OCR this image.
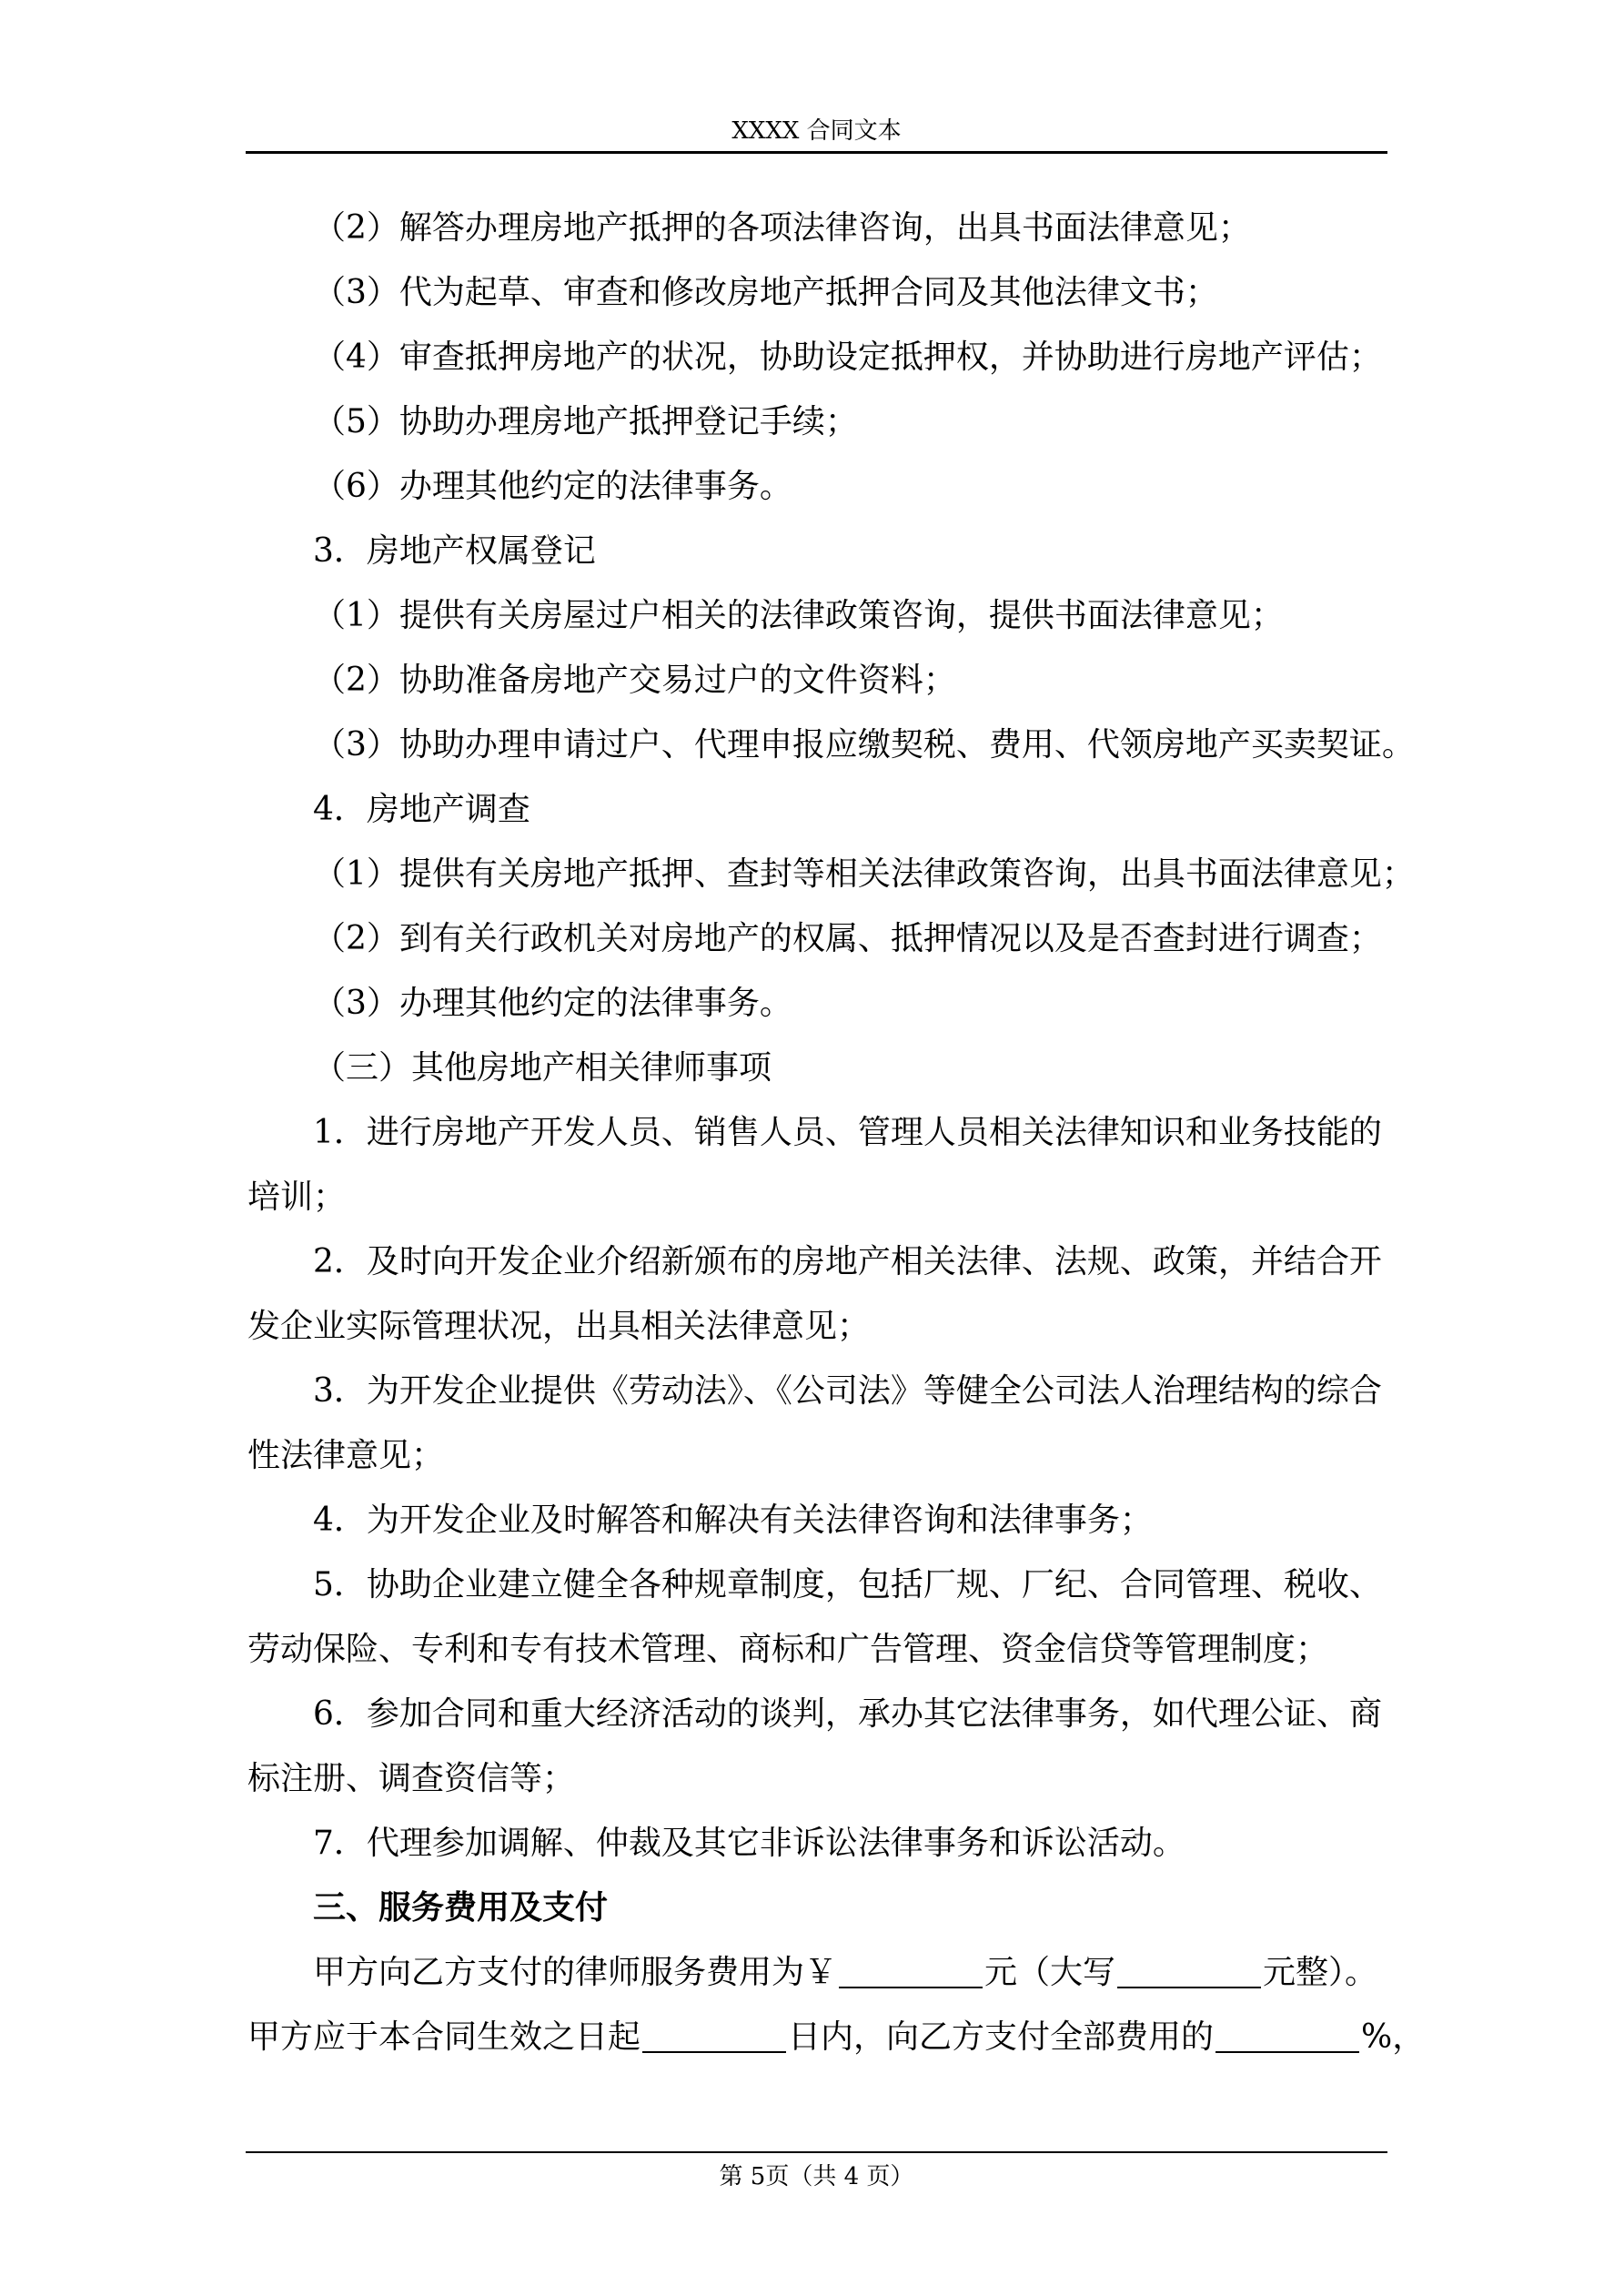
XXXX 合同文本
（2）解答办理房地产抵押的各项法律咨询，出具书面法律意见；
（3）代为起草、审查和修改房地产抵押合同及其他法律文书；
（4）审查抵押房地产的状况，协助设定抵押权，并协助进行房地产评估；
（5）协助办理房地产抵押登记手续；
（6）办理其他约定的法律事务。
3．房地产权属登记
（1）提供有关房屋过户相关的法律政策咨询，提供书面法律意见；
（2）协助准备房地产交易过户的文件资料；
（3）协助办理申请过户、代理申报应缴契税、费用、代领房地产买卖契证。
4．房地产调查
（1）提供有关房地产抵押、查封等相关法律政策咨询，出具书面法律意见；
（2）到有关行政机关对房地产的权属、抵押情况以及是否查封进行调查；
（3）办理其他约定的法律事务。
（三）其他房地产相关律师事项
1．进行房地产开发人员、销售人员、管理人员相关法律知识和业务技能的
培训；
2．及时向开发企业介绍新颁布的房地产相关法律、法规、政策，并结合开
发企业实际管理状况，出具相关法律意见；
3．为开发企业提供《劳动法》、《公司法》等健全公司法人治理结构的综合
性法律意见；
4．为开发企业及时解答和解决有关法律咨询和法律事务；
5．协助企业建立健全各种规章制度，包括厂规、厂纪、合同管理、税收、
劳动保险、专利和专有技术管理、商标和广告管理、资金信贷等管理制度；
6．参加合同和重大经济活动的谈判，承办其它法律事务，如代理公证、商
标注册、调查资信等；
7．代理参加调解、仲裁及其它非诉讼法律事务和诉讼活动。
三、服务费用及支付
甲方向乙方支付的律师服务费用为￥	元（大写	元整）。
甲方应于本合同生效之日起	日内，向乙方支付全部费用的	%，
第 5页（共 4 页）
